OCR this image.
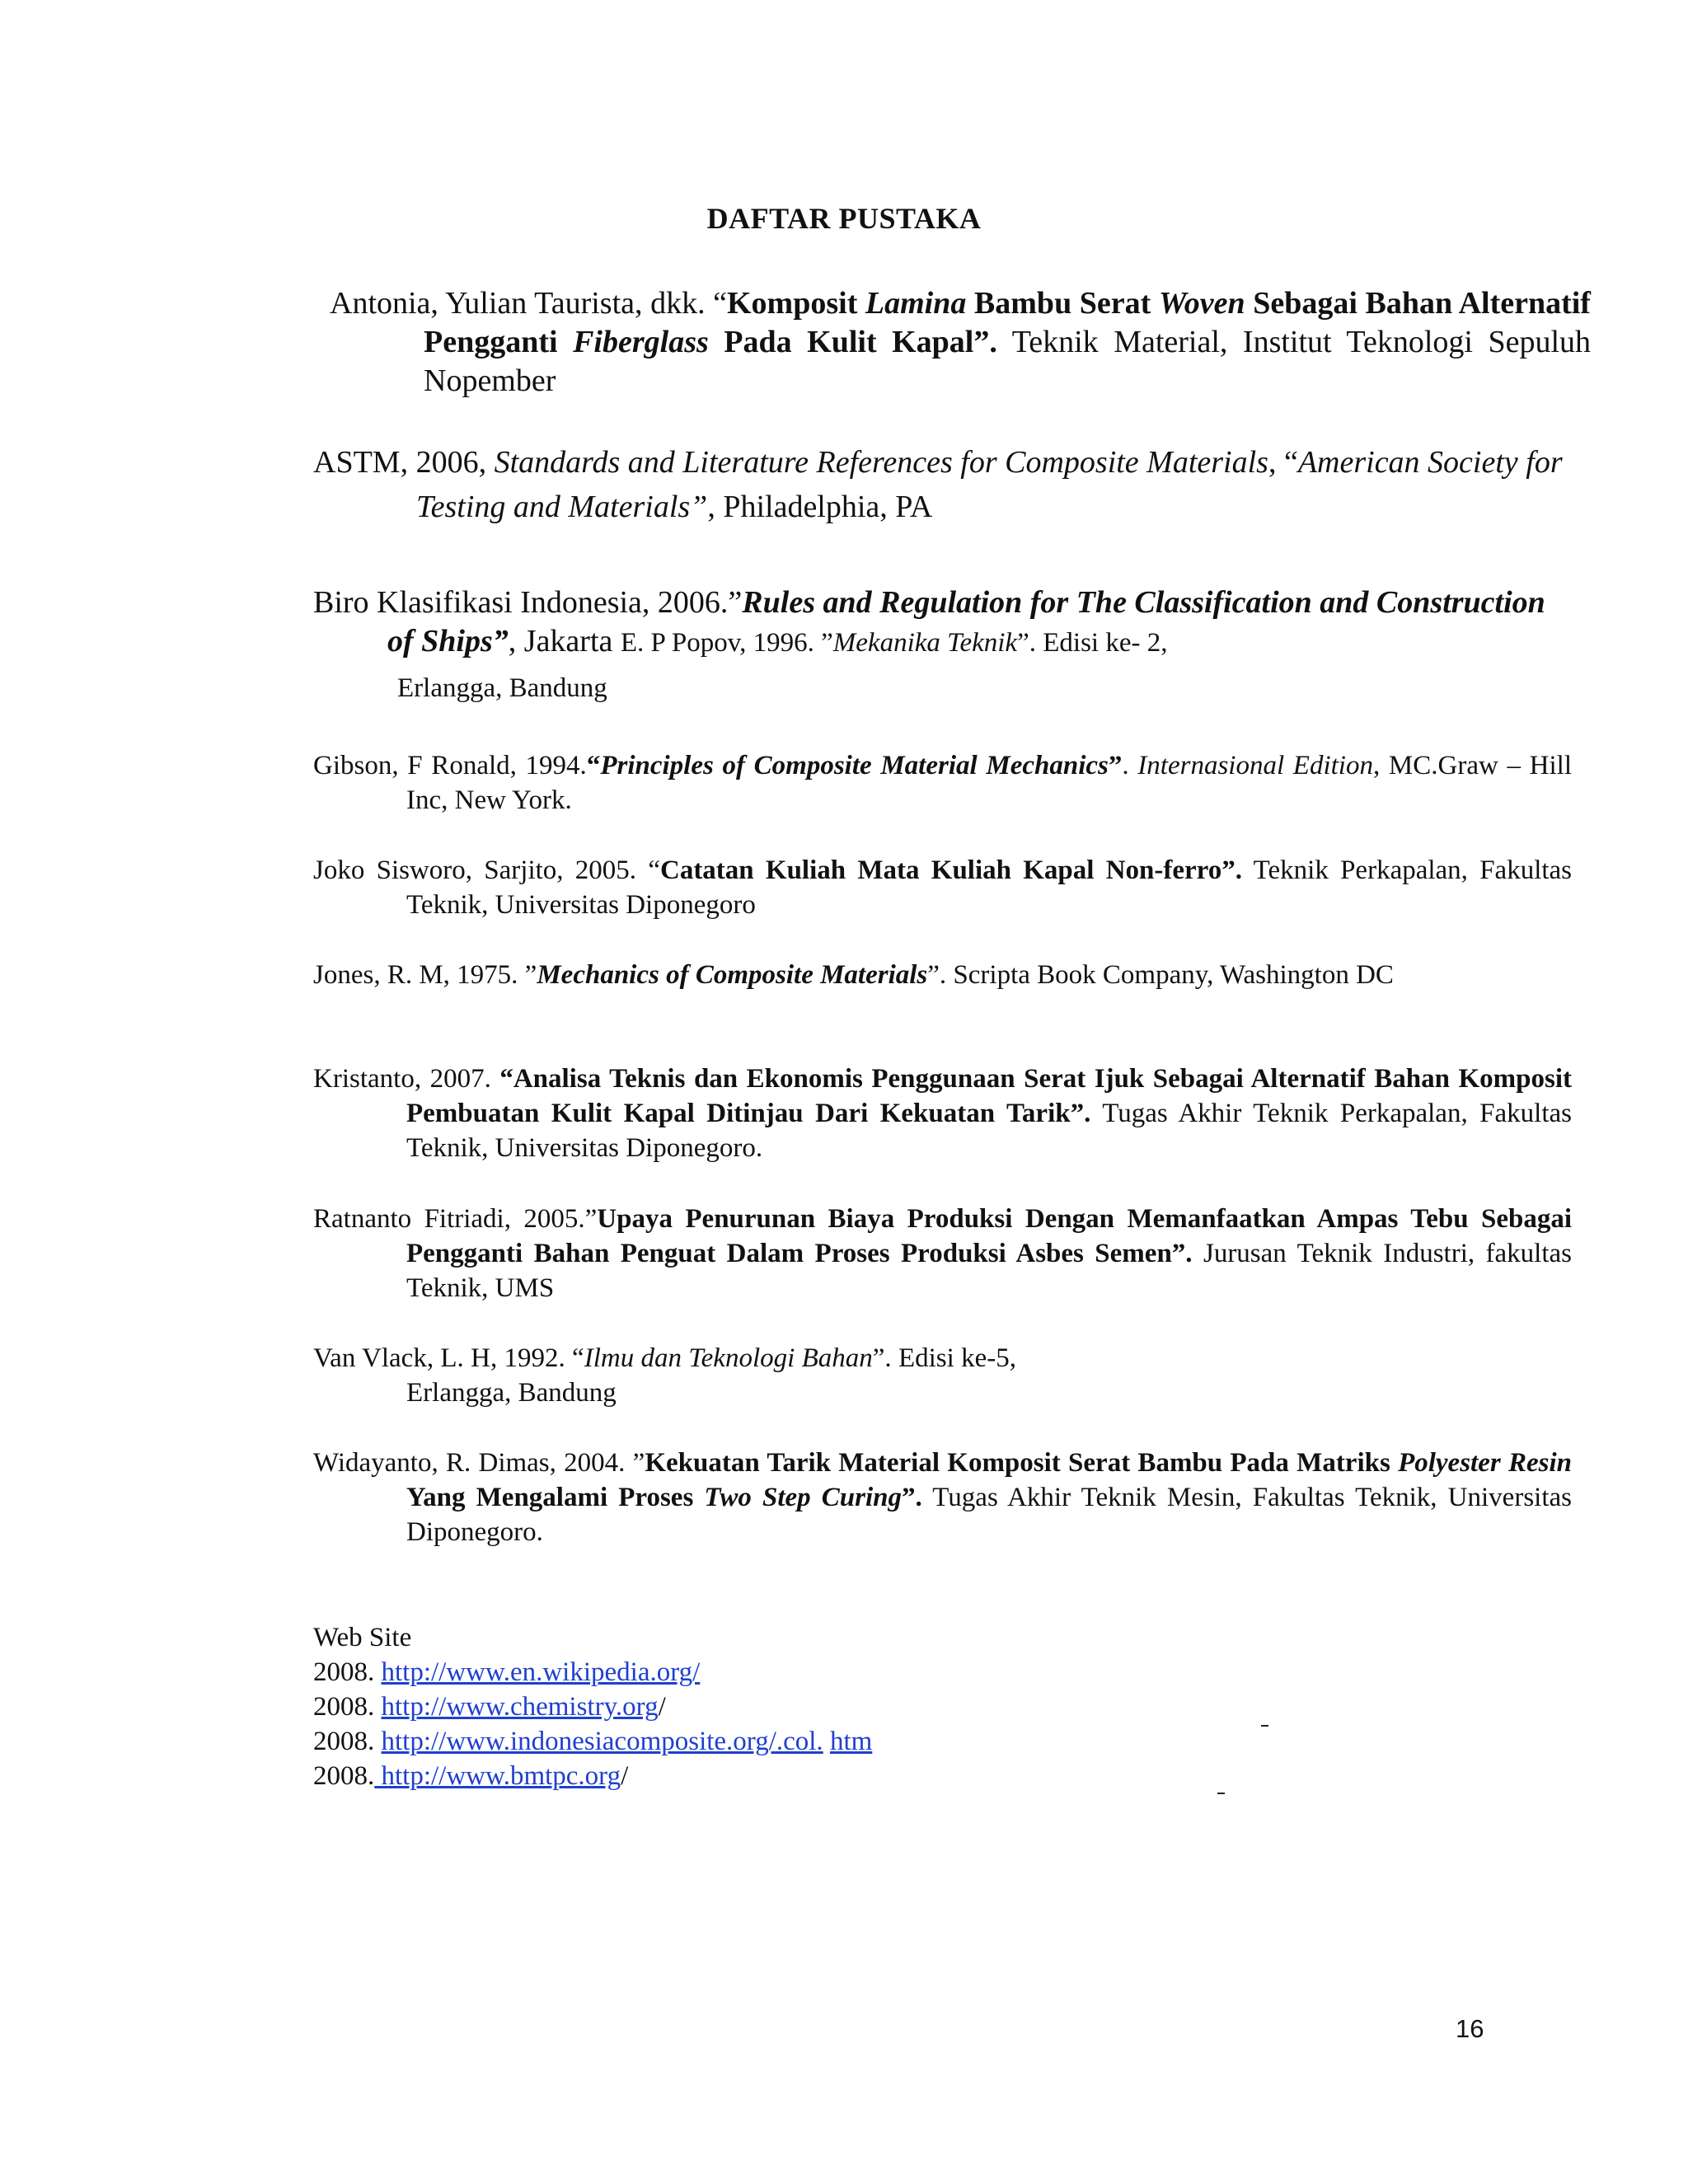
DAFTAR PUSTAKA

Antonia, Yulian Taurista, dkk. “Komposit Lamina Bambu Serat Woven Sebagai Bahan Alternatif Pengganti Fiberglass Pada Kulit Kapal”. Teknik Material, Institut Teknologi Sepuluh Nopember

ASTM, 2006, Standards and Literature References for Composite Materials, “American Society for Testing and Materials”, Philadelphia, PA

Biro Klasifikasi Indonesia, 2006.”Rules and Regulation for The Classification and Construction of Ships”, Jakarta E. P Popov, 1996. ”Mekanika Teknik”. Edisi ke- 2,
Erlangga, Bandung

Gibson, F Ronald, 1994.“Principles of Composite Material Mechanics”. Internasional Edition, MC.Graw – Hill Inc, New York.

Joko Sisworo, Sarjito, 2005. “Catatan Kuliah Mata Kuliah Kapal Non-ferro”. Teknik Perkapalan, Fakultas Teknik, Universitas Diponegoro

Jones, R. M, 1975. ”Mechanics of Composite Materials”. Scripta Book Company, Washington DC

Kristanto, 2007. “Analisa Teknis dan Ekonomis Penggunaan Serat Ijuk Sebagai Alternatif Bahan Komposit Pembuatan Kulit Kapal Ditinjau Dari Kekuatan Tarik”. Tugas Akhir Teknik Perkapalan, Fakultas Teknik, Universitas Diponegoro.

Ratnanto Fitriadi, 2005.”Upaya Penurunan Biaya Produksi Dengan Memanfaatkan Ampas Tebu Sebagai Pengganti Bahan Penguat Dalam Proses Produksi Asbes Semen”. Jurusan Teknik Industri, fakultas Teknik, UMS

Van Vlack, L. H, 1992. “Ilmu dan Teknologi Bahan”. Edisi ke-5, Erlangga, Bandung

Widayanto, R. Dimas, 2004. ”Kekuatan Tarik Material Komposit Serat Bambu Pada Matriks Polyester Resin Yang Mengalami Proses Two Step Curing”. Tugas Akhir Teknik Mesin, Fakultas Teknik, Universitas Diponegoro.

Web Site
2008. http://www.en.wikipedia.org/
2008. http://www.chemistry.org/
2008. http://www.indonesiacomposite.org/.col. htm
2008. http://www.bmtpc.org/

16
